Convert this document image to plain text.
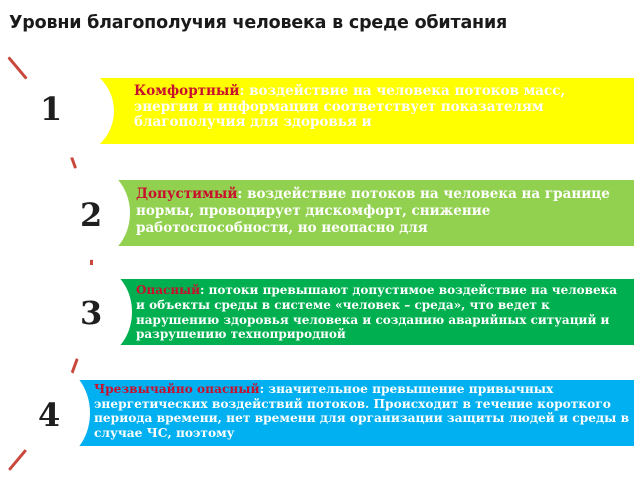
Уровни благополучия человека в среде обитания
1	Комфортный: воздействие на человека потоков масс, энергии и информации соответствует показателям благополучия для здоровья и
2
Допустимый: воздействие потоков на человека на границе нормы, провоцирует дискомфорт, снижение работоспособности, но неопасно для
3
Опасный: потоки превышают допустимое воздействие на человека и объекты среды в системе «человек – среда», что ведет к нарушению здоровья человека и созданию аварийных ситуаций и разрушению техноприродной
4
Чрезвычайно опасный: значительное превышение привычных энергетических воздействий потоков. Происходит в течение короткого периода времени, нет времени для организации защиты людей и среды в случае ЧС, поэтому
